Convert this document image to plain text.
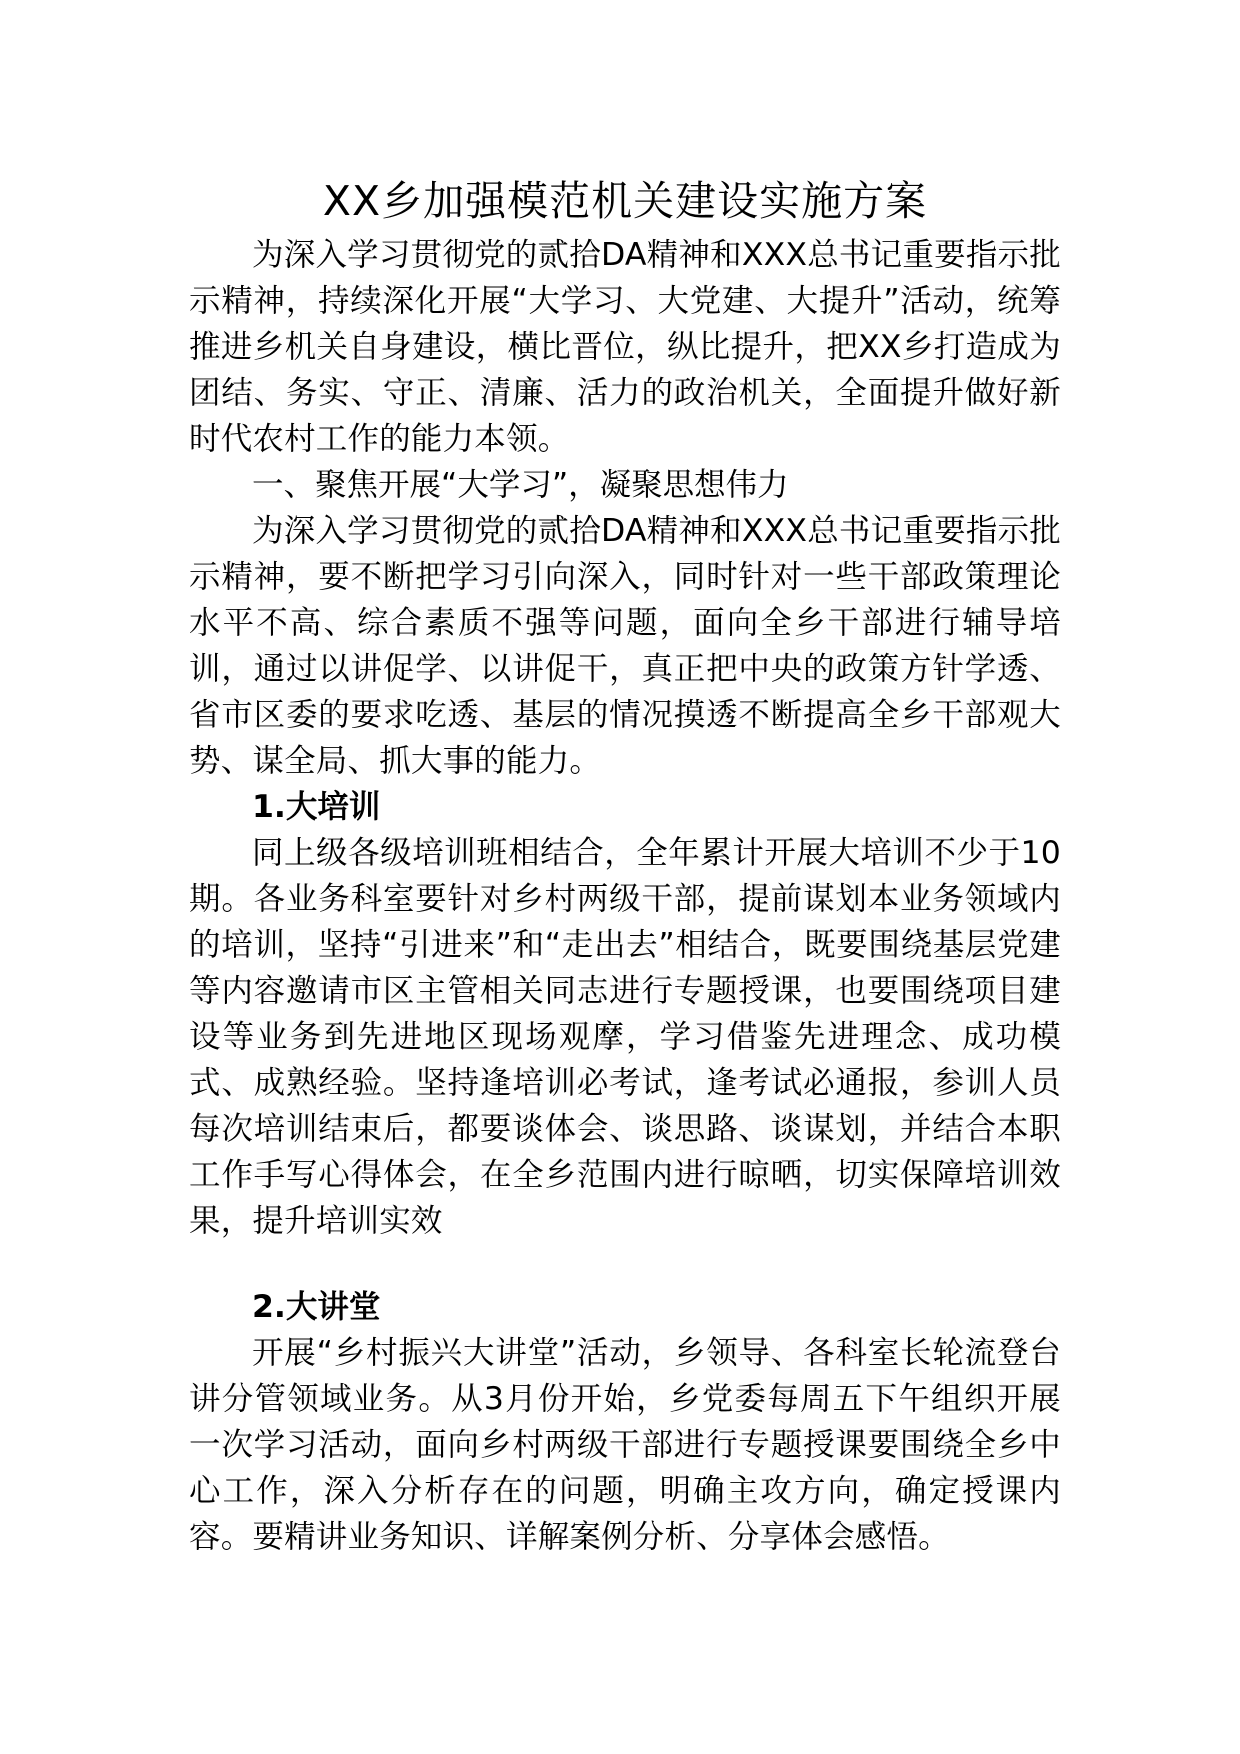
XX乡加强模范机关建设实施方案

为深入学习贯彻党的贰拾DA精神和XXX总书记重要指示批示精神，持续深化开展“大学习、大党建、大提升”活动，统筹推进乡机关自身建设，横比晋位，纵比提升，把XX乡打造成为团结、务实、守正、清廉、活力的政治机关，全面提升做好新时代农村工作的能力本领。

一、聚焦开展“大学习”，凝聚思想伟力

为深入学习贯彻党的贰拾DA精神和XXX总书记重要指示批示精神，要不断把学习引向深入，同时针对一些干部政策理论水平不高、综合素质不强等问题，面向全乡干部进行辅导培训，通过以讲促学、以讲促干，真正把中央的政策方针学透、省市区委的要求吃透、基层的情况摸透不断提高全乡干部观大势、谋全局、抓大事的能力。

1.大培训

同上级各级培训班相结合，全年累计开展大培训不少于10期。各业务科室要针对乡村两级干部，提前谋划本业务领域内的培训，坚持“引进来”和“走出去”相结合，既要围绕基层党建等内容邀请市区主管相关同志进行专题授课，也要围绕项目建设等业务到先进地区现场观摩，学习借鉴先进理念、成功模式、成熟经验。坚持逢培训必考试，逢考试必通报，参训人员每次培训结束后，都要谈体会、谈思路、谈谋划，并结合本职工作手写心得体会，在全乡范围内进行晾晒，切实保障培训效果，提升培训实效

2.大讲堂

开展“乡村振兴大讲堂”活动，乡领导、各科室长轮流登台讲分管领域业务。从3月份开始，乡党委每周五下午组织开展一次学习活动，面向乡村两级干部进行专题授课要围绕全乡中心工作，深入分析存在的问题，明确主攻方向，确定授课内容。要精讲业务知识、详解案例分析、分享体会感悟。
